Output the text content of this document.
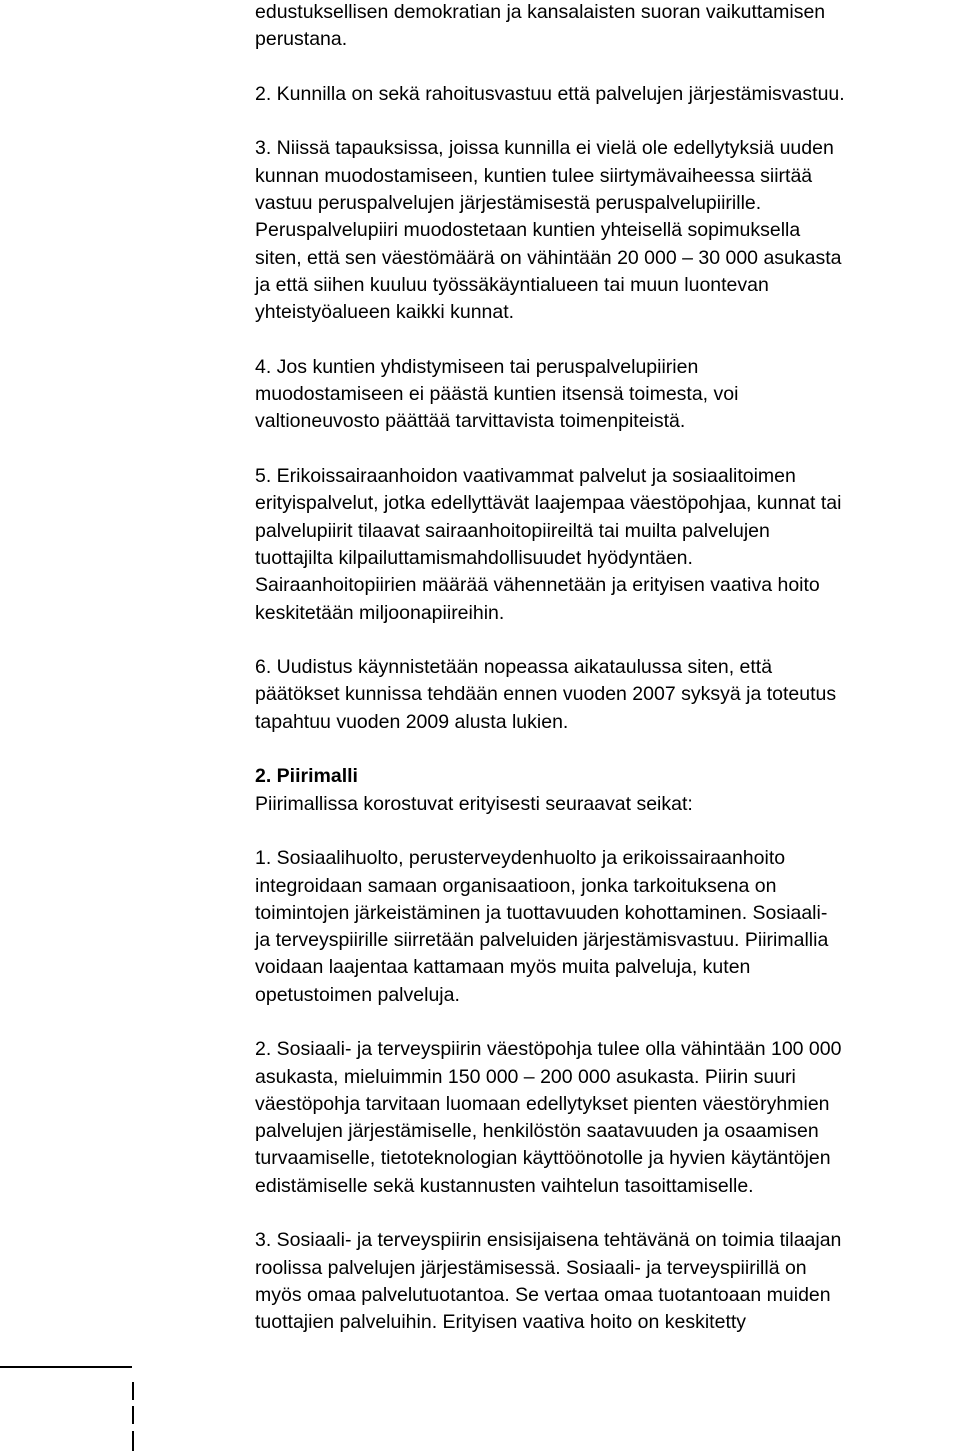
edustuksellisen demokratian ja kansalaisten suoran vaikuttamisen
perustana.
2. Kunnilla on sekä rahoitusvastuu että palvelujen järjestämisvastuu.
3. Niissä tapauksissa, joissa kunnilla ei vielä ole edellytyksiä uuden
kunnan muodostamiseen, kuntien tulee siirtymävaiheessa siirtää
vastuu peruspalvelujen järjestämisestä peruspalvelupiirille.
Peruspalvelupiiri muodostetaan kuntien yhteisellä sopimuksella
siten, että sen väestömäärä on vähintään 20 000 – 30 000 asukasta
ja että siihen kuuluu työssäkäyntialueen tai muun luontevan
yhteistyöalueen kaikki kunnat.
4. Jos kuntien yhdistymiseen tai peruspalvelupiirien
muodostamiseen ei päästä kuntien itsensä toimesta, voi
valtioneuvosto päättää tarvittavista toimenpiteistä.
5. Erikoissairaanhoidon vaativammat palvelut ja sosiaalitoimen
erityispalvelut, jotka edellyttävät laajempaa väestöpohjaa, kunnat tai
palvelupiirit tilaavat sairaanhoitopiireiltä tai muilta palvelujen
tuottajilta kilpailuttamismahdollisuudet hyödyntäen.
Sairaanhoitopiirien määrää vähennetään ja erityisen vaativa hoito
keskitetään miljoonapiireihin.
6. Uudistus käynnistetään nopeassa aikataulussa siten, että
päätökset kunnissa tehdään ennen vuoden 2007 syksyä ja toteutus
tapahtuu vuoden 2009 alusta lukien.
2. Piirimalli
Piirimallissa korostuvat erityisesti seuraavat seikat:
1. Sosiaalihuolto, perusterveydenhuolto ja erikoissairaanhoito
integroidaan samaan organisaatioon, jonka tarkoituksena on
toimintojen järkeistäminen ja tuottavuuden kohottaminen. Sosiaali-
ja terveyspiirille siirretään palveluiden järjestämisvastuu. Piirimallia
voidaan laajentaa kattamaan myös muita palveluja, kuten
opetustoimen palveluja.
2. Sosiaali- ja terveyspiirin väestöpohja tulee olla vähintään 100 000
asukasta, mieluimmin 150 000 – 200 000 asukasta. Piirin suuri
väestöpohja tarvitaan luomaan edellytykset pienten väestöryhmien
palvelujen järjestämiselle, henkilöstön saatavuuden ja osaamisen
turvaamiselle, tietoteknologian käyttöönotolle ja hyvien käytäntöjen
edistämiselle sekä kustannusten vaihtelun tasoittamiselle.
3. Sosiaali- ja terveyspiirin ensisijaisena tehtävänä on toimia tilaajan
roolissa palvelujen järjestämisessä. Sosiaali- ja terveyspiirillä on
myös omaa palvelutuotantoa. Se vertaa omaa tuotantoaan muiden
tuottajien palveluihin. Erityisen vaativa hoito on keskitetty
